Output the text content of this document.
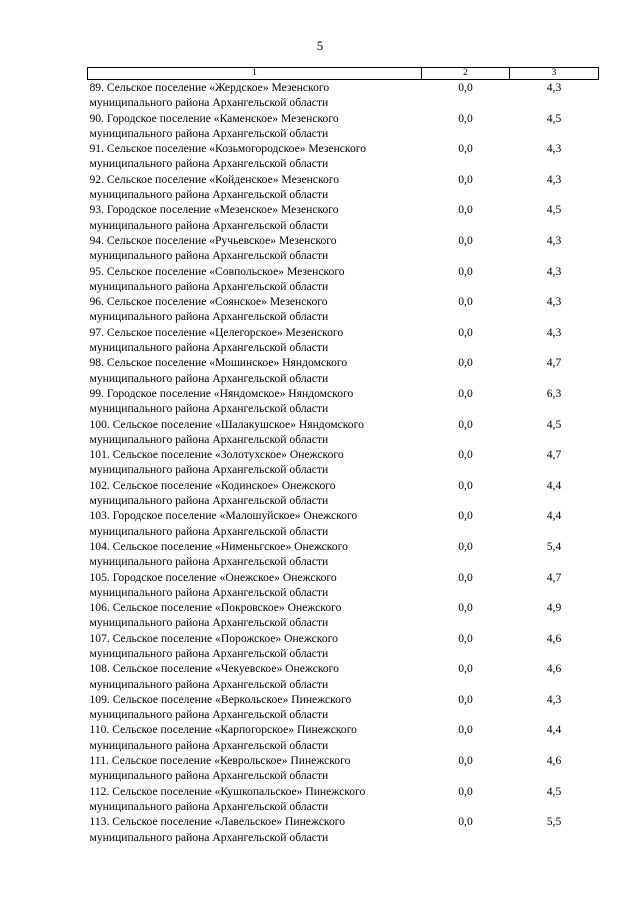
5
1	2	3
89. Сельское поселение «Жердское» Мезенского	0,0	4,3
муниципального района Архангельской области		
90. Городское поселение «Каменское» Мезенского	0,0	4,5
муниципального района Архангельской области		
91. Сельское поселение «Козьмогородское» Мезенского	0,0	4,3
муниципального района Архангельской области		
92. Сельское поселение «Койденское» Мезенского	0,0	4,3
муниципального района Архангельской области		
93. Городское поселение «Мезенское» Мезенского	0,0	4,5
муниципального района Архангельской области		
94. Сельское поселение «Ручьевское» Мезенского	0,0	4,3
муниципального района Архангельской области		
95. Сельское поселение «Совпольское» Мезенского	0,0	4,3
муниципального района Архангельской области		
96. Сельское поселение «Соянское» Мезенского	0,0	4,3
муниципального района Архангельской области		
97. Сельское поселение «Целегорское» Мезенского	0,0	4,3
муниципального района Архангельской области		
98. Сельское поселение «Мошинское» Няндомского	0,0	4,7
муниципального района Архангельской области		
99. Городское поселение «Няндомское» Няндомского	0,0	6,3
муниципального района Архангельской области		
100. Сельское поселение «Шалакушское» Няндомского	0,0	4,5
муниципального района Архангельской области		
101. Сельское поселение «Золотухское» Онежского	0,0	4,7
муниципального района Архангельской области		
102. Сельское поселение «Кодинское» Онежского	0,0	4,4
муниципального района Архангельской области		
103. Городское поселение «Малошуйское» Онежского	0,0	4,4
муниципального района Архангельской области		
104. Сельское поселение «Нименьгское» Онежского	0,0	5,4
муниципального района Архангельской области		
105. Городское поселение «Онежское» Онежского	0,0	4,7
муниципального района Архангельской области		
106. Сельское поселение «Покровское» Онежского	0,0	4,9
муниципального района Архангельской области		
107. Сельское поселение «Порожское» Онежского	0,0	4,6
муниципального района Архангельской области		
108. Сельское поселение «Чекуевское» Онежского	0,0	4,6
муниципального района Архангельской области		
109. Сельское поселение «Веркольское» Пинежского	0,0	4,3
муниципального района Архангельской области		
110. Сельское поселение «Карпогорское» Пинежского	0,0	4,4
муниципального района Архангельской области		
111. Сельское поселение «Кеврольское» Пинежского	0,0	4,6
муниципального района Архангельской области		
112. Сельское поселение «Кушкопальское» Пинежского	0,0	4,5
муниципального района Архангельской области		
113. Сельское поселение «Лавельское» Пинежского	0,0	5,5
муниципального района Архангельской области		
